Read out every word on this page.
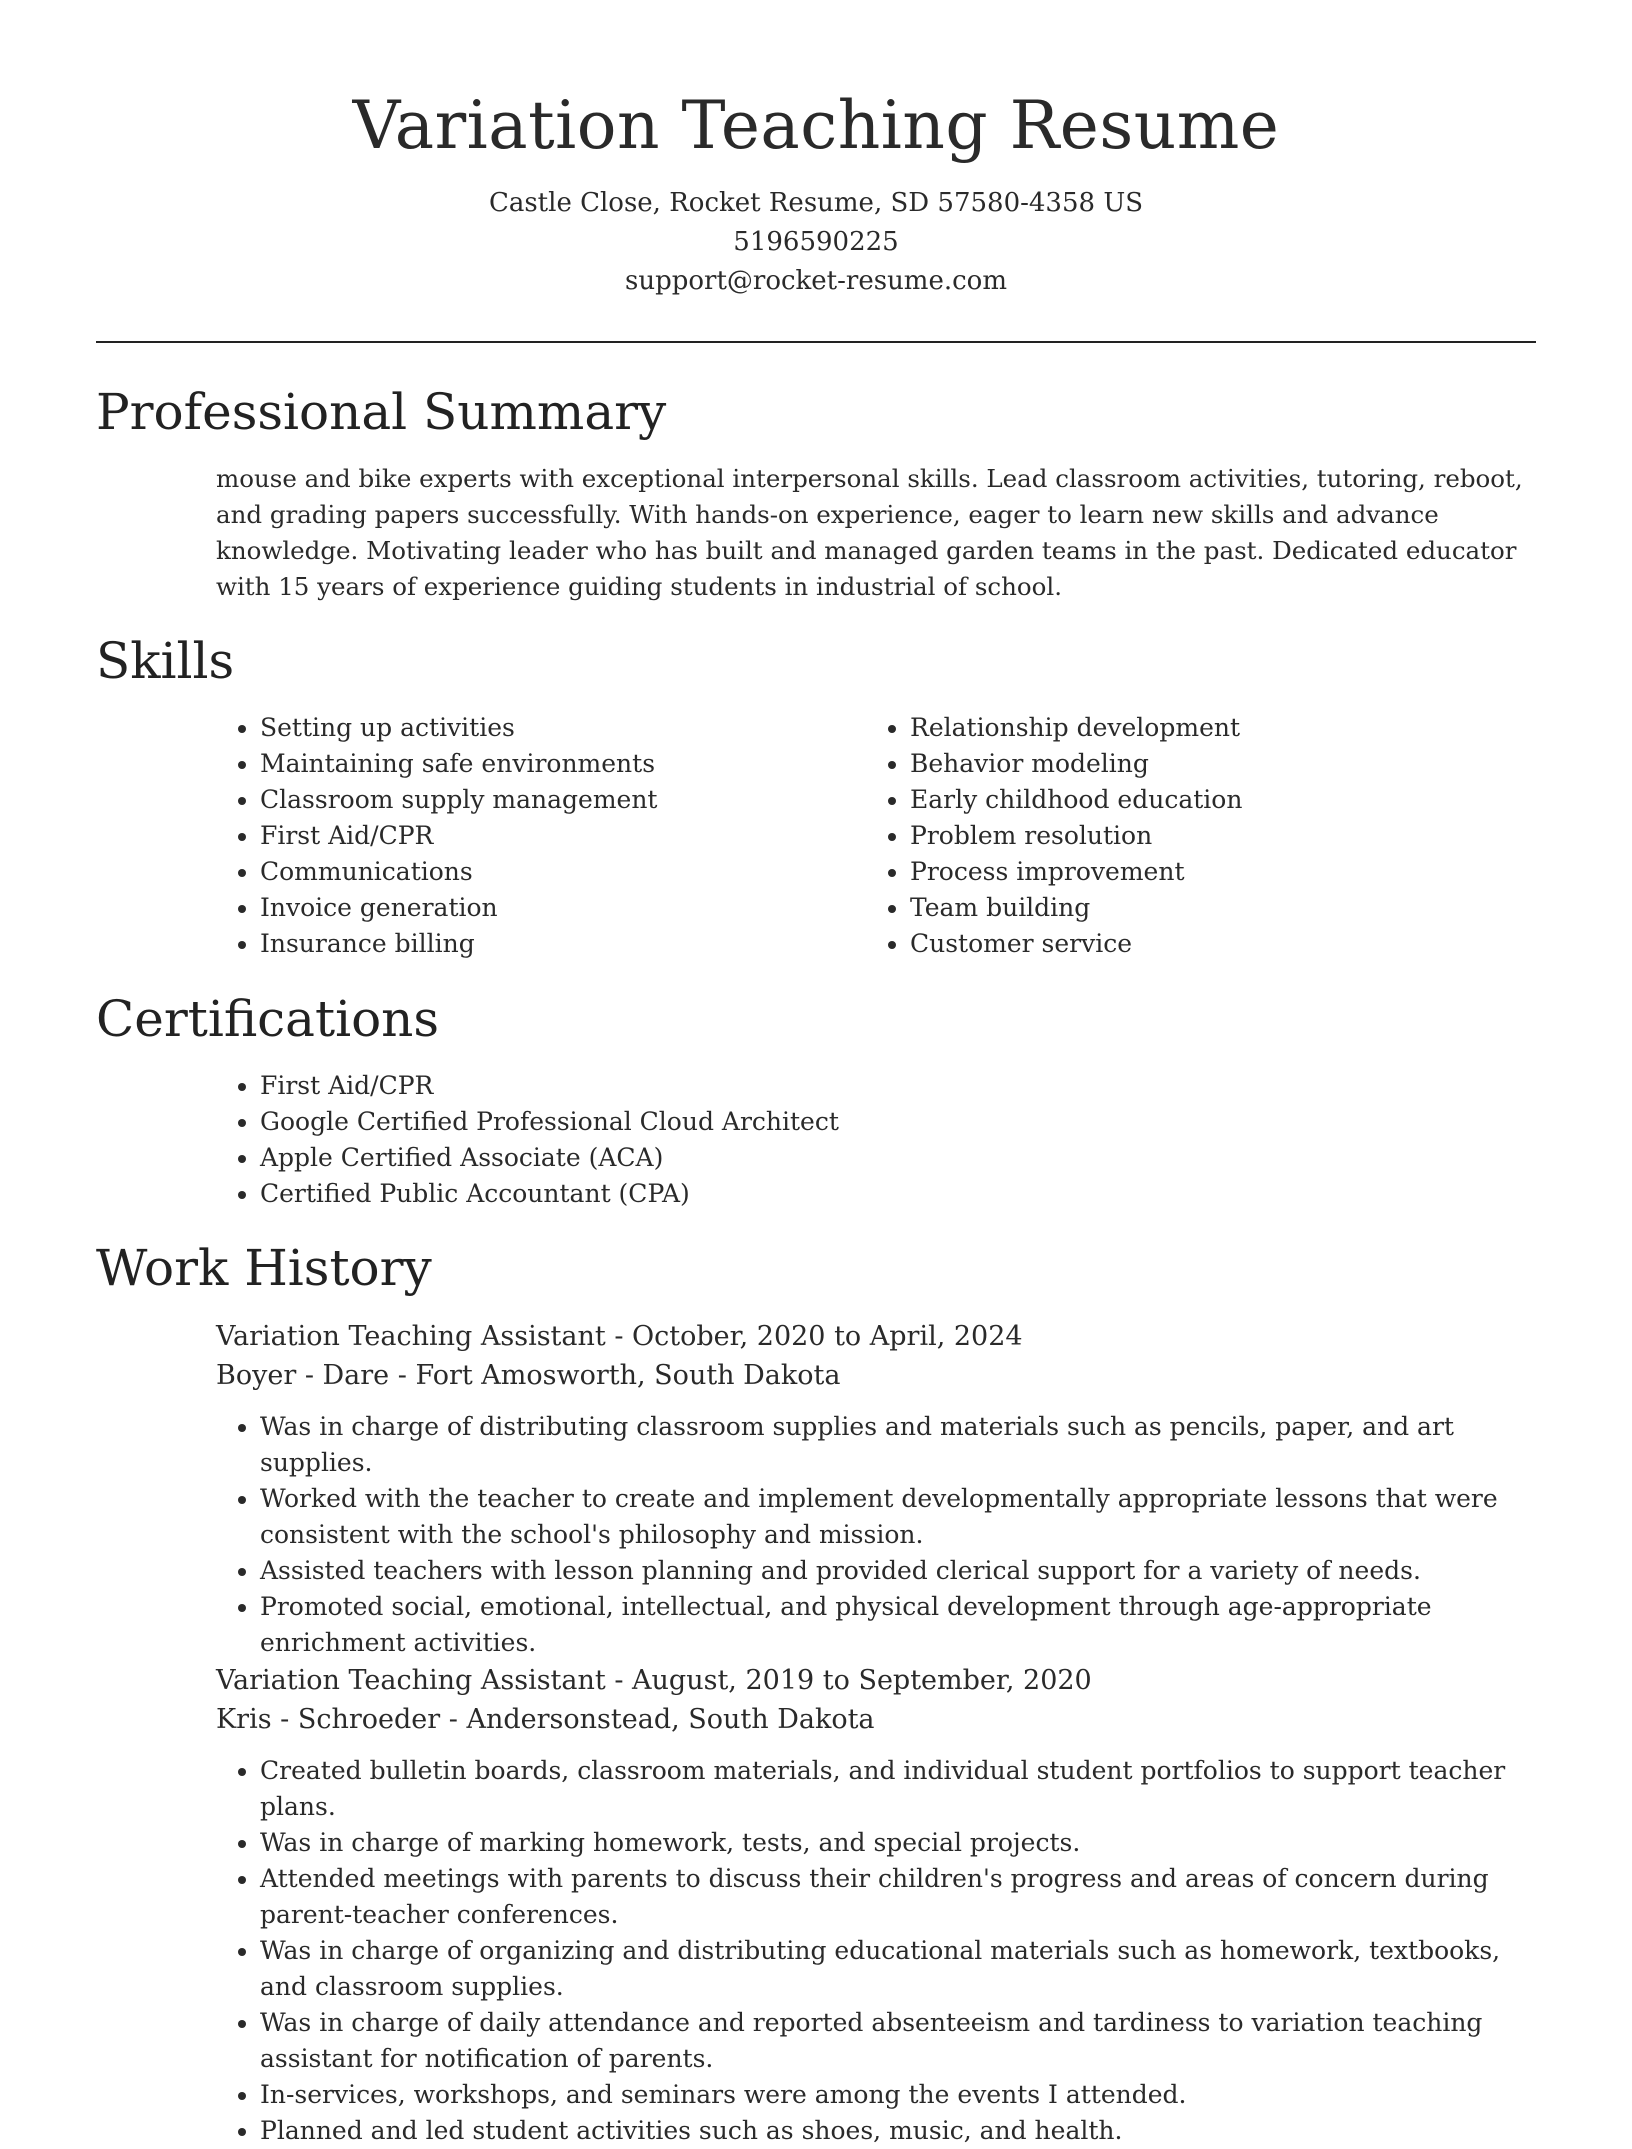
Variation Teaching Resume
Castle Close, Rocket Resume, SD 57580-4358 US
5196590225
support@rocket-resume.com
Professional Summary
mouse and bike experts with exceptional interpersonal skills. Lead classroom activities, tutoring, reboot, and grading papers successfully. With hands-on experience, eager to learn new skills and advance knowledge. Motivating leader who has built and managed garden teams in the past. Dedicated educator with 15 years of experience guiding students in industrial of school.
Skills
• Setting up activities
• Maintaining safe environments
• Classroom supply management
• First Aid/CPR
• Communications
• Invoice generation
• Insurance billing
• Relationship development
• Behavior modeling
• Early childhood education
• Problem resolution
• Process improvement
• Team building
• Customer service
Certifications
• First Aid/CPR
• Google Certified Professional Cloud Architect
• Apple Certified Associate (ACA)
• Certified Public Accountant (CPA)
Work History
Variation Teaching Assistant - October, 2020 to April, 2024
Boyer - Dare - Fort Amosworth, South Dakota
• Was in charge of distributing classroom supplies and materials such as pencils, paper, and art supplies.
• Worked with the teacher to create and implement developmentally appropriate lessons that were consistent with the school's philosophy and mission.
• Assisted teachers with lesson planning and provided clerical support for a variety of needs.
• Promoted social, emotional, intellectual, and physical development through age-appropriate enrichment activities.
Variation Teaching Assistant - August, 2019 to September, 2020
Kris - Schroeder - Andersonstead, South Dakota
• Created bulletin boards, classroom materials, and individual student portfolios to support teacher plans.
• Was in charge of marking homework, tests, and special projects.
• Attended meetings with parents to discuss their children's progress and areas of concern during parent-teacher conferences.
• Was in charge of organizing and distributing educational materials such as homework, textbooks, and classroom supplies.
• Was in charge of daily attendance and reported absenteeism and tardiness to variation teaching assistant for notification of parents.
• In-services, workshops, and seminars were among the events I attended.
• Planned and led student activities such as shoes, music, and health.
